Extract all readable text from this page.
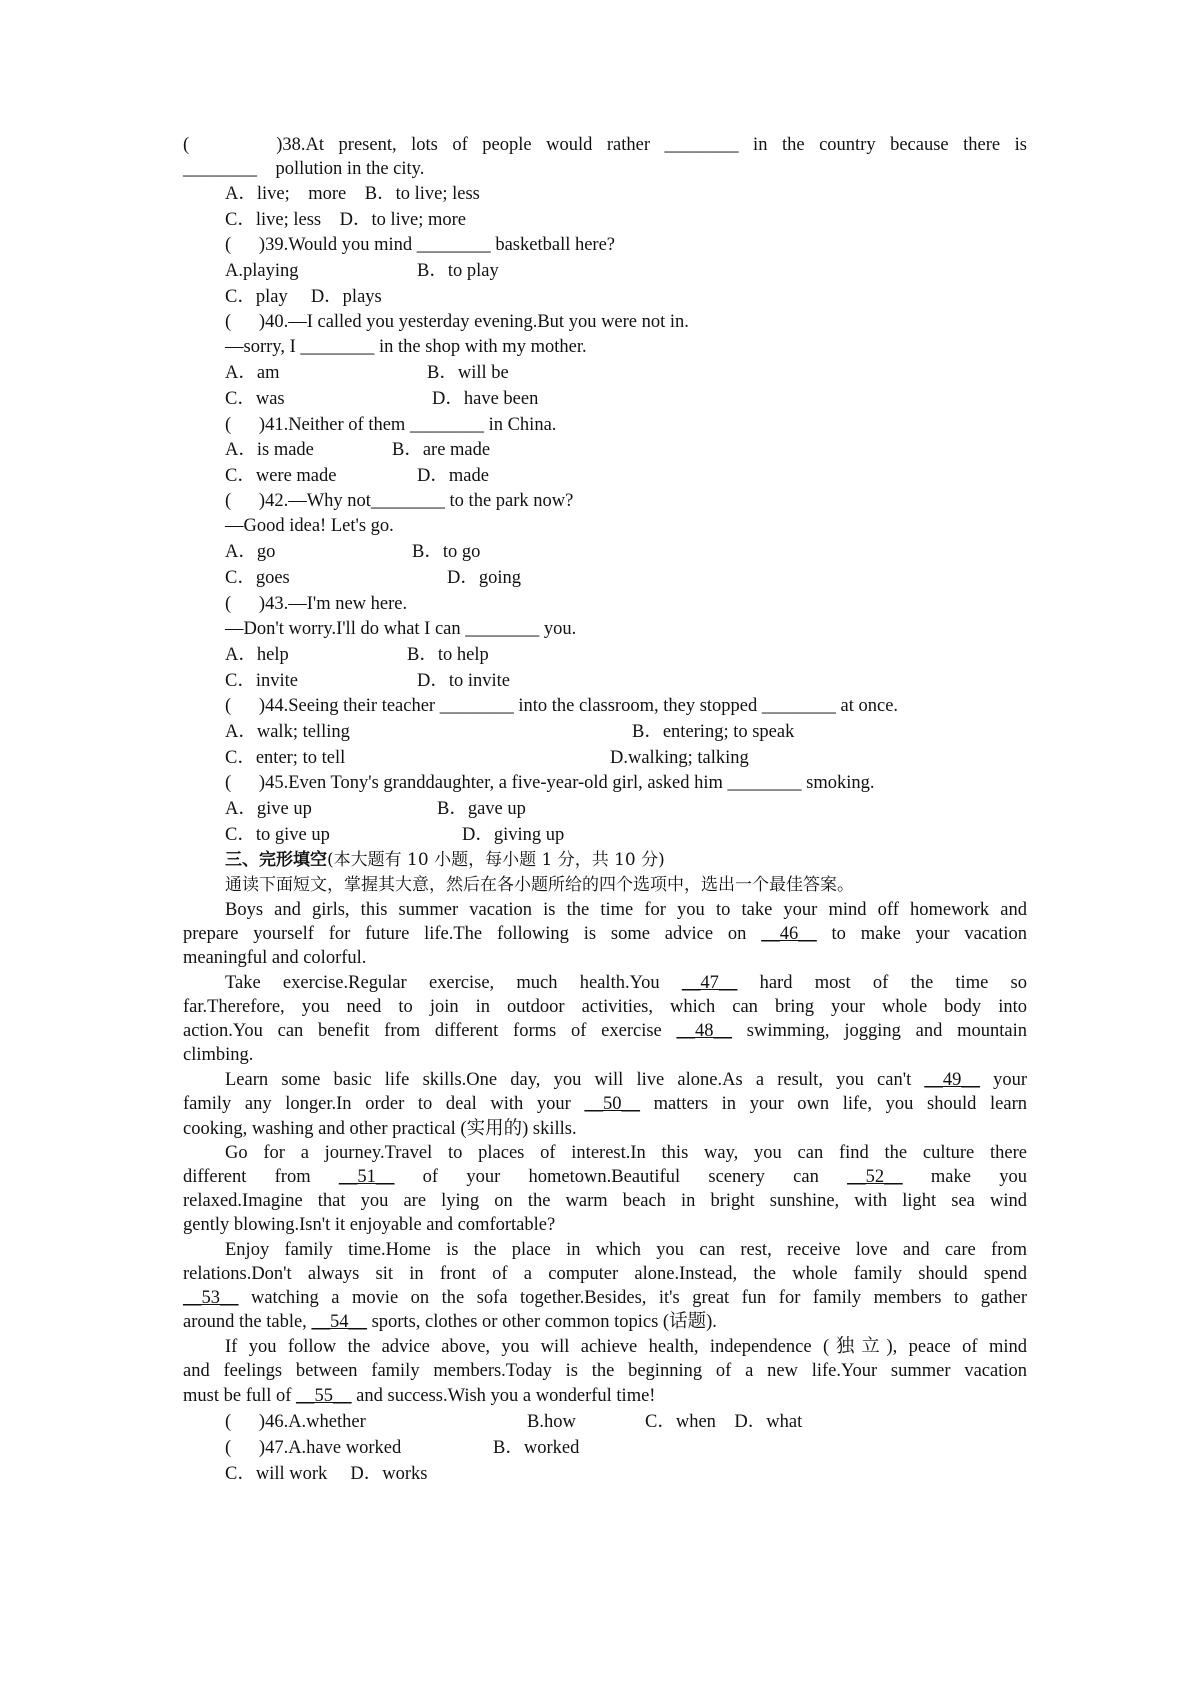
(      )38.At present, lots of people would rather ________ in the country because there is
________    pollution in the city.
A．live;    more    B．to live; less
C．live; less    D．to live; more
(      )39.Would you mind ________ basketball here?
A.playing	B．to play
C．play     D．plays
(      )40.—I called you yesterday evening.But you were not in.
—sorry, I ________ in the shop with my mother.
A．am	B．will be
C．was	D．have been
(      )41.Neither of them ________ in China.
A．is made	B．are made
C．were made	D．made
(      )42.—Why not________ to the park now?
—Good idea! Let's go.
A．go	B．to go
C．goes	D．going
(      )43.—I'm new here.
—Don't worry.I'll do what I can ________ you.
A．help	B．to help
C．invite	D．to invite
(      )44.Seeing their teacher ________ into the classroom, they stopped ________ at once.
A．walk; telling	B．entering; to speak
C．enter; to tell	D.walking; talking
(      )45.Even Tony's granddaughter, a five-year-old girl, asked him ________ smoking.
A．give up	B．gave up
C．to give up	D．giving up
三、完形填空(本大题有 10 小题，每小题 1 分，共 10 分)
通读下面短文，掌握其大意，然后在各小题所给的四个选项中，选出一个最佳答案。
Boys and girls, this summer vacation is the time for you to take your mind off homework and
prepare yourself for future life.The following is some advice on __46__ to make your vacation
meaningful and colorful.
Take exercise.Regular exercise, much health.You __47__ hard most of the time so
far.Therefore, you need to join in outdoor activities, which can bring your whole body into
action.You can benefit from different forms of exercise __48__ swimming, jogging and mountain
climbing.
Learn some basic life skills.One day, you will live alone.As a result, you can't __49__ your
family any longer.In order to deal with your __50__ matters in your own life, you should learn
cooking, washing and other practical (实用的) skills.
Go for a journey.Travel to places of interest.In this way, you can find the culture there
different from __51__ of your hometown.Beautiful scenery can __52__ make you
relaxed.Imagine that you are lying on the warm beach in bright sunshine, with light sea wind
gently blowing.Isn't it enjoyable and comfortable?
Enjoy family time.Home is the place in which you can rest, receive love and care from
relations.Don't always sit in front of a computer alone.Instead, the whole family should spend
__53__ watching a movie on the sofa together.Besides, it's great fun for family members to gather
around the table, __54__ sports, clothes or other common topics (话题).
If you follow the advice above, you will achieve health, independence (独立), peace of mind
and feelings between family members.Today is the beginning of a new life.Your summer vacation
must be full of __55__ and success.Wish you a wonderful time!
(      )46.A.whether	B.how	C．when    D．what
(      )47.A.have worked	B．worked
C．will work     D．works
